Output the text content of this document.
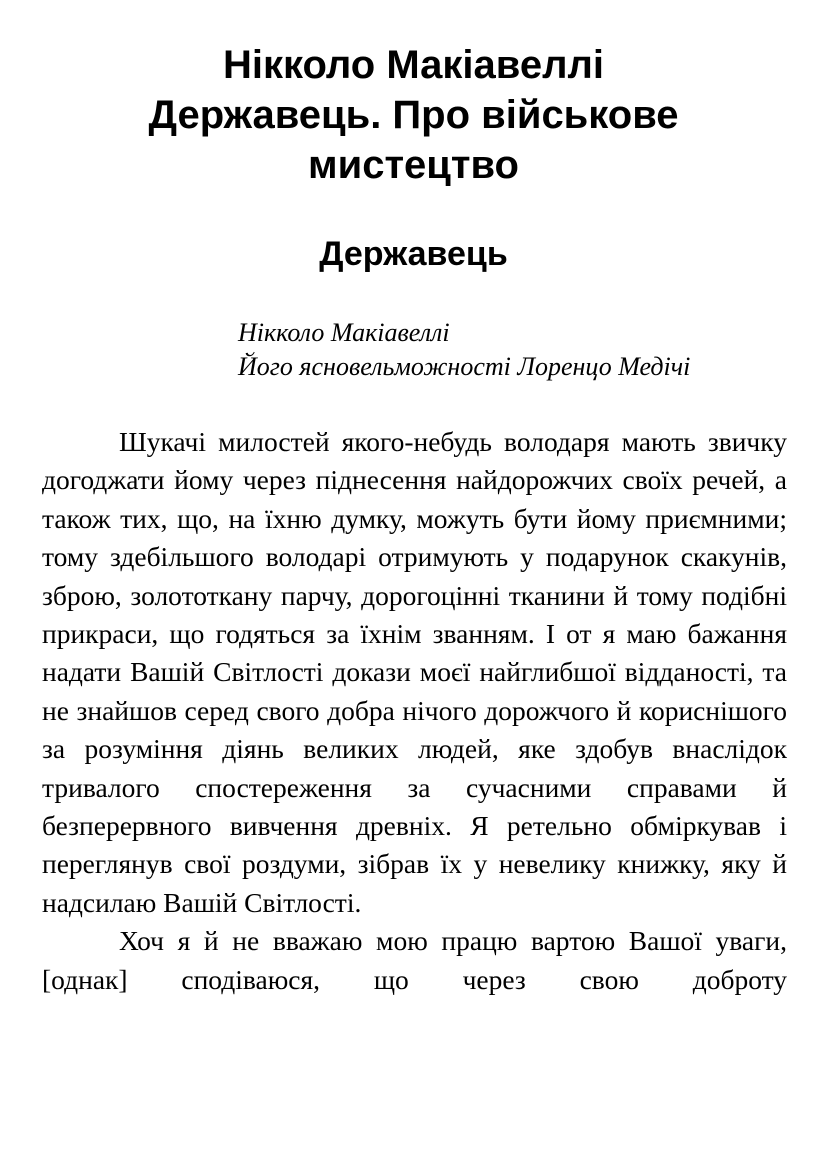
Нікколо Макіавеллі
Державець. Про військове
мистецтво
Державець
Нікколо Макіавеллі
Його ясновельможності Лоренцо Медічі

Шукачі милостей якого-небудь володаря мають звичку догоджати йому через піднесення найдорожчих своїх речей, а також тих, що, на їхню думку, можуть бути йому приємними; тому здебільшого володарі отримують у подарунок скакунів, зброю, золототкану парчу, дорогоцінні тканини й тому подібні прикраси, що годяться за їхнім званням. І от я маю бажання надати Вашій Світлості докази моєї найглибшої відданості, та не знайшов серед свого добра нічого дорожчого й кориснішого за розуміння діянь великих людей, яке здобув внаслідок тривалого спостереження за сучасними справами й безперервного вивчення древніх. Я ретельно обміркував і переглянув свої роздуми, зібрав їх у невелику книжку, яку й надсилаю Вашій Світлості.

Хоч я й не вважаю мою працю вартою Вашої уваги, [однак] сподіваюся, що через свою доброту
